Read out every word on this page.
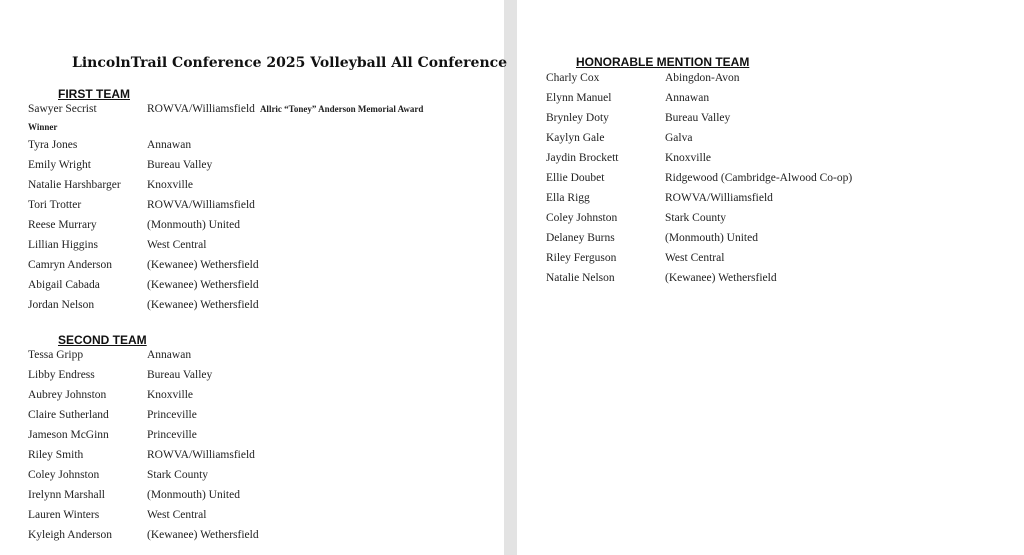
LincolnTrail Conference 2025 Volleyball All Conference
FIRST TEAM
Sawyer Secrist	ROWVA/Williamsfield Allric “Toney” Anderson Memorial Award
Winner
Tyra Jones	Annawan
Emily Wright	Bureau Valley
Natalie Harshbarger Knoxville
Tori Trotter	ROWVA/Williamsfield
Reese Murrary	(Monmouth) United
Lillian Higgins	West Central
Camryn Anderson	(Kewanee) Wethersfield
Abigail Cabada	(Kewanee) Wethersfield
Jordan Nelson	(Kewanee) Wethersfield
SECOND TEAM
Tessa Gripp	Annawan
Libby Endress	Bureau Valley
Aubrey Johnston	Knoxville
Claire Sutherland	Princeville
Jameson McGinn	Princeville
Riley Smith	ROWVA/Williamsfield
Coley Johnston	Stark County
Irelynn Marshall	(Monmouth) United
Lauren Winters	West Central
Kyleigh Anderson	(Kewanee) Wethersfield
HONORABLE MENTION TEAM
Charly Cox	Abingdon-Avon
Elynn Manuel	Annawan
Brynley Doty	Bureau Valley
Kaylyn Gale	Galva
Jaydin Brockett	Knoxville
Ellie Doubet	Ridgewood (Cambridge-Alwood Co-op)
Ella Rigg	ROWVA/Williamsfield
Coley Johnston	Stark County
Delaney Burns	(Monmouth) United
Riley Ferguson	West Central
Natalie Nelson	(Kewanee) Wethersfield
